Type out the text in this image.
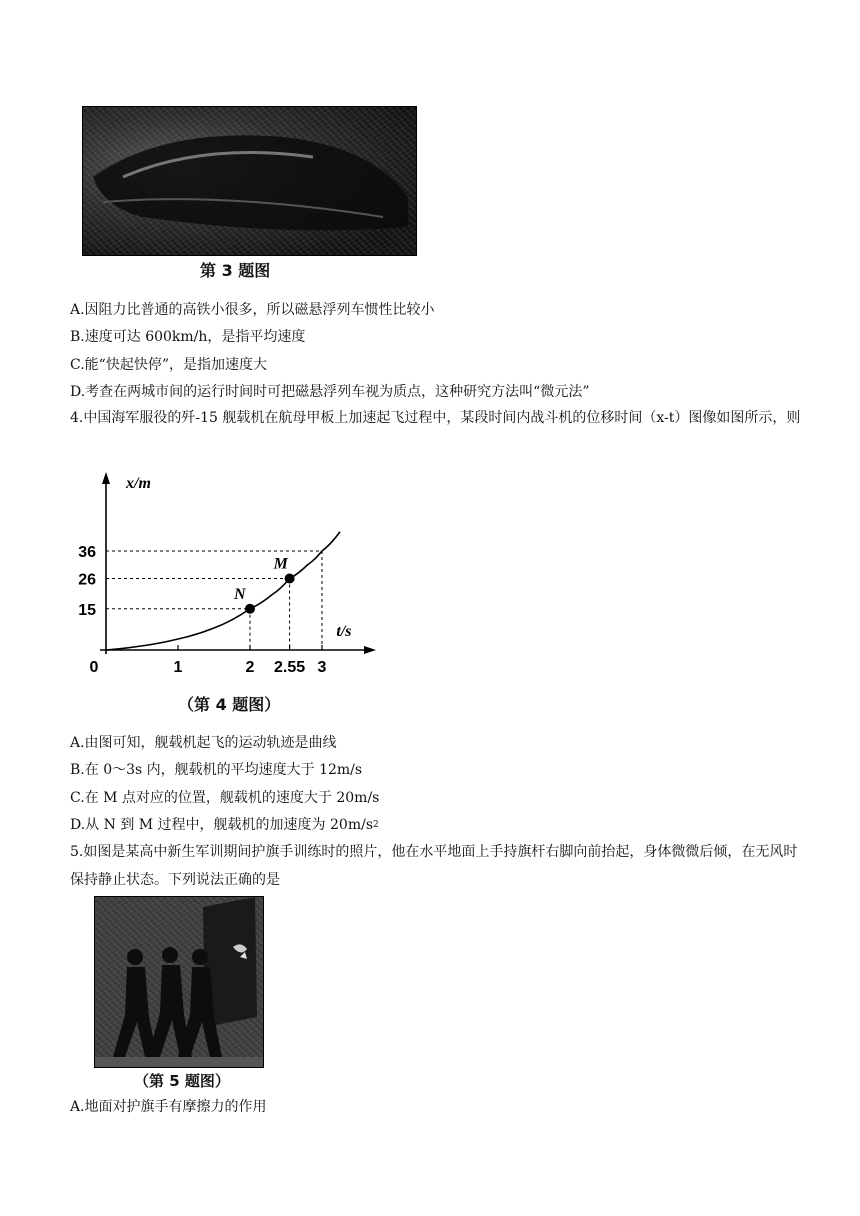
第 3 题图
A.因阻力比普通的高铁小很多，所以磁悬浮列车惯性比较小
B.速度可达 600km/h，是指平均速度
C.能“快起快停”，是指加速度大
D.考查在两城市间的运行时间时可把磁悬浮列车视为质点，这种研究方法叫“微元法”
4.中国海军服役的歼-15 舰载机在航母甲板上加速起飞过程中，某段时间内战斗机的位移时间（x-t）图像如图所示，则
x/m
t/s
0	1	2 2.55 3
15
26
36
N
M
（第 4 题图）
A.由图可知，舰载机起飞的运动轨迹是曲线
B.在 0～3s 内，舰载机的平均速度大于 12m/s
C.在 M 点对应的位置，舰载机的速度大于 20m/s
D.从 N 到 M 过程中，舰载机的加速度为 $20m/s^2$
5.如图是某高中新生军训期间护旗手训练时的照片，他在水平地面上手持旗杆右脚向前抬起，身体微微后倾，在无风时保持静止状态。下列说法正确的是
（第 5 题图）
A.地面对护旗手有摩擦力的作用
